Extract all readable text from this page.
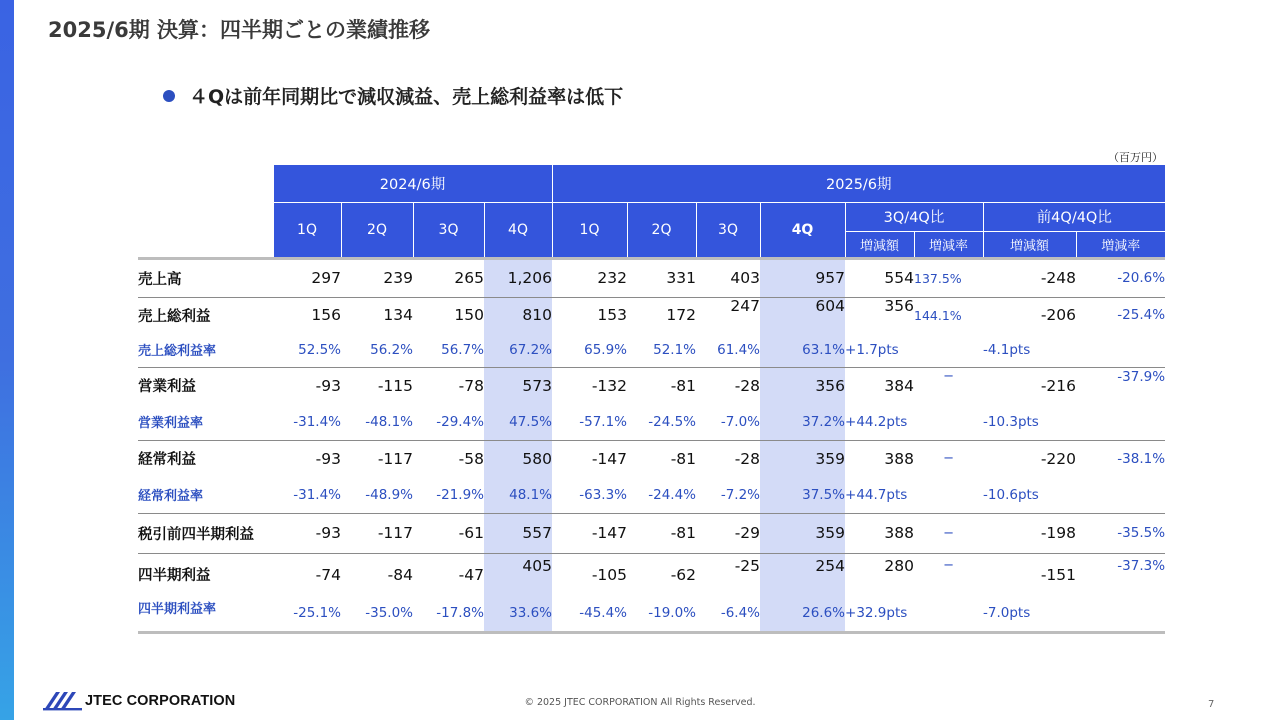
2025/6期 決算：四半期ごとの業績推移
４Qは前年同期比で減収減益、売上総利益率は低下
（百万円）
	2024/6期				2025/6期							
	1Q	2Q	3Q	4Q	1Q	2Q	3Q	4Q	3Q/4Q比		前4Q/4Q比	
									増減額	増減率	増減額	増減率
売上高	297	239	265	1,206	232	331	403	957	554	137.5%	-248	-20.6%
売上総利益	156	134	150	810	153	172	247	604	356	144.1%	-206	-25.4%
売上総利益率	52.5%	56.2%	56.7%	67.2%	65.9%	52.1%	61.4%	63.1%	+1.7pts		-4.1pts	
営業利益	-93	-115	-78	573	-132	-81	-28	356	384	−	-216	-37.9%
営業利益率	-31.4%	-48.1%	-29.4%	47.5%	-57.1%	-24.5%	-7.0%	37.2%	+44.2pts		-10.3pts	
経常利益	-93	-117	-58	580	-147	-81	-28	359	388	−	-220	-38.1%
経常利益率	-31.4%	-48.9%	-21.9%	48.1%	-63.3%	-24.4%	-7.2%	37.5%	+44.7pts		-10.6pts	
税引前四半期利益	-93	-117	-61	557	-147	-81	-29	359	388	−	-198	-35.5%
四半期利益	-74	-84	-47	405	-105	-62	-25	254	280	−	-151	-37.3%
四半期利益率	-25.1%	-35.0%	-17.8%	33.6%	-45.4%	-19.0%	-6.4%	26.6%	+32.9pts		-7.0pts	
JTEC CORPORATION	© 2025 JTEC CORPORATION All Rights Reserved.	7
